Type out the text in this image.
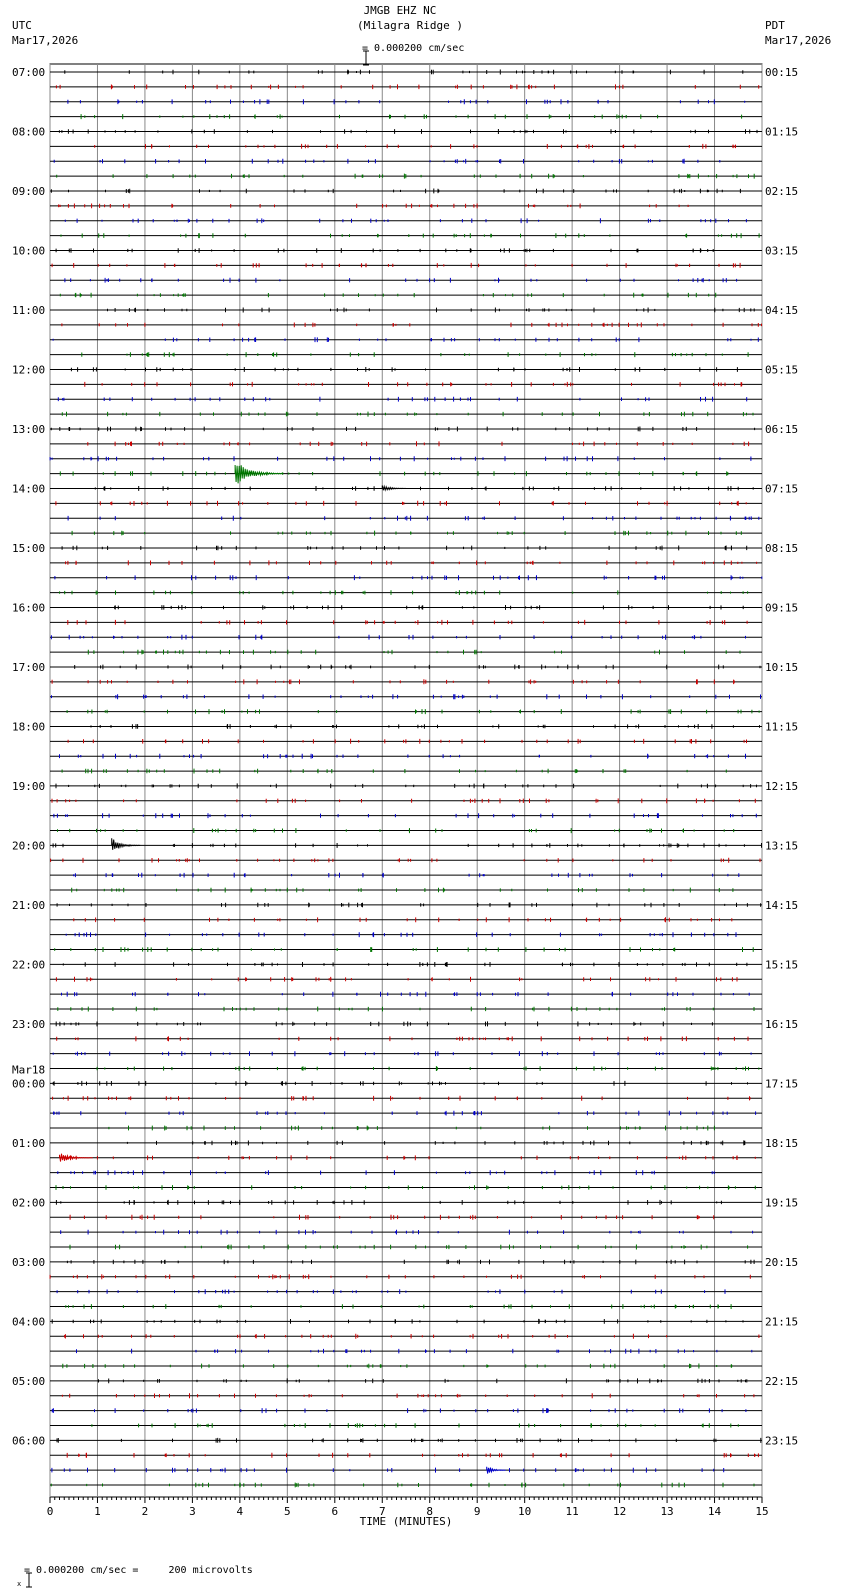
0	1	2	3	4	5	6	7	8	9	10	11	12	13	14	15
TIME (MINUTES)
07:00
08:00
09:00
10:00
11:00
12:00
13:00
14:00
15:00
16:00
17:00
18:00
19:00
20:00
21:00
22:00
23:00
00:00
Mar18
01:00
02:00
03:00
04:00
05:00
06:00
00:15
01:15
02:15
03:15
04:15
05:15
06:15
07:15
08:15
09:15
10:15
11:15
12:15
13:15
14:15
15:15
16:15
17:15
18:15
19:15
20:15
21:15
22:15
23:15
JMGB EHZ NC
(Milagra Ridge )

= 0.000200 cm/sec
UTC
Mar17,2026
PDT
Mar17,2026

x

= 0.000200 cm/sec =     200 microvolts
